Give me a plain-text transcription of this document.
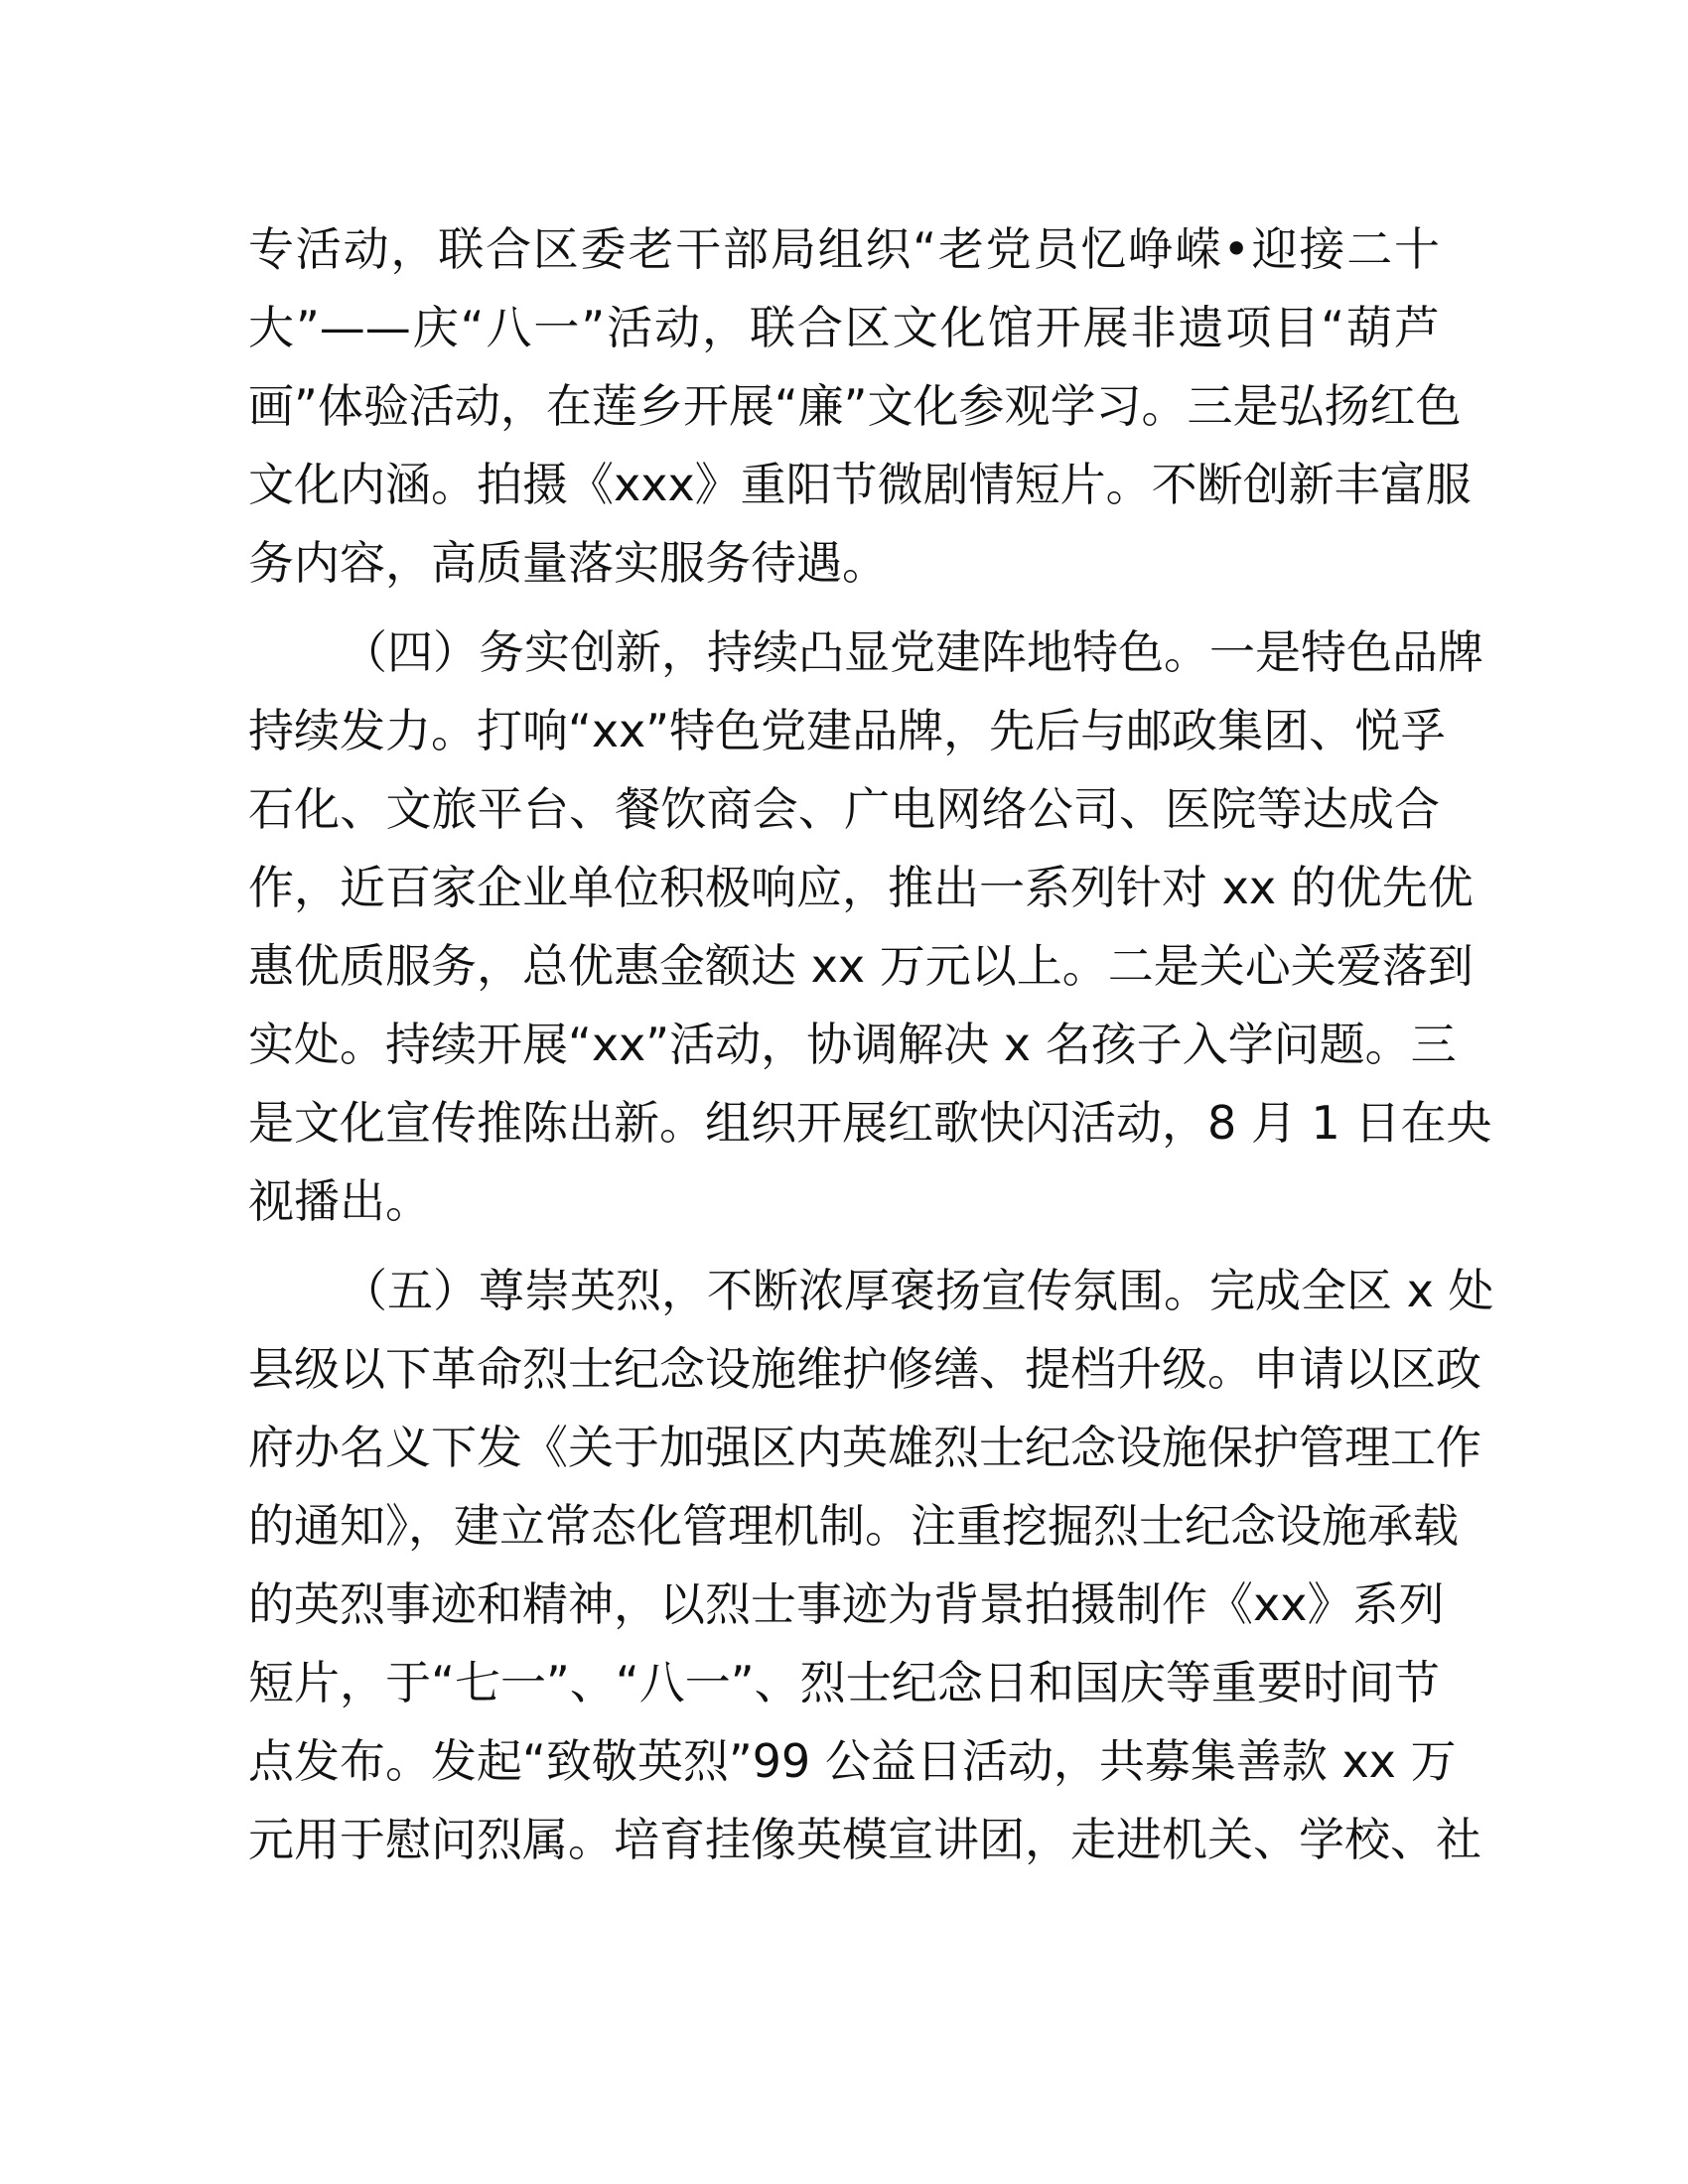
专活动，联合区委老干部局组织“老党员忆峥嵘•迎接二十
大”——庆“八一”活动，联合区文化馆开展非遗项目“葫芦
画”体验活动，在莲乡开展“廉”文化参观学习。三是弘扬红色
文化内涵。拍摄《xxx》重阳节微剧情短片。不断创新丰富服
务内容，高质量落实服务待遇。
（四）务实创新，持续凸显党建阵地特色。一是特色品牌
持续发力。打响“xx”特色党建品牌，先后与邮政集团、悦孚
石化、文旅平台、餐饮商会、广电网络公司、医院等达成合
作，近百家企业单位积极响应，推出一系列针对 xx 的优先优
惠优质服务，总优惠金额达 xx 万元以上。二是关心关爱落到
实处。持续开展“xx”活动，协调解决 x 名孩子入学问题。三
是文化宣传推陈出新。组织开展红歌快闪活动，8 月 1 日在央
视播出。
（五）尊崇英烈，不断浓厚褒扬宣传氛围。完成全区 x 处
县级以下革命烈士纪念设施维护修缮、提档升级。申请以区政
府办名义下发《关于加强区内英雄烈士纪念设施保护管理工作
的通知》，建立常态化管理机制。注重挖掘烈士纪念设施承载
的英烈事迹和精神，以烈士事迹为背景拍摄制作《xx》系列
短片，于“七一”、“八一”、烈士纪念日和国庆等重要时间节
点发布。发起“致敬英烈”99 公益日活动，共募集善款 xx 万
元用于慰问烈属。培育挂像英模宣讲团，走进机关、学校、社
